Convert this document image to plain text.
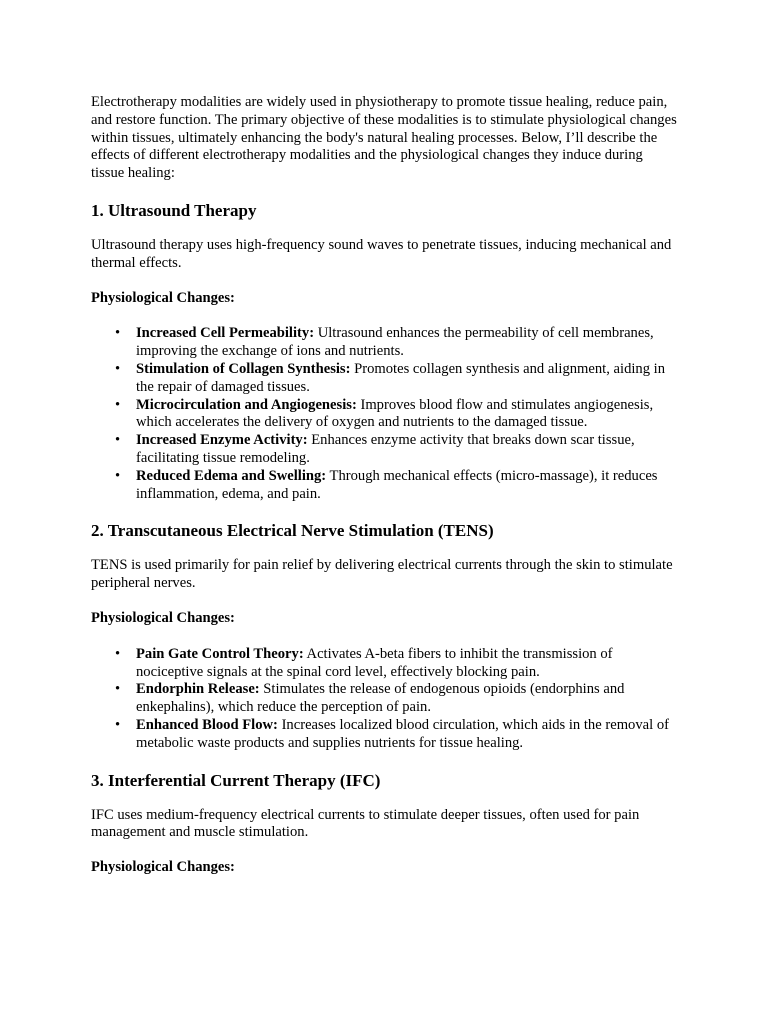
Electrotherapy modalities are widely used in physiotherapy to promote tissue healing, reduce pain, and restore function. The primary objective of these modalities is to stimulate physiological changes within tissues, ultimately enhancing the body's natural healing processes. Below, I’ll describe the effects of different electrotherapy modalities and the physiological changes they induce during tissue healing:

1. Ultrasound Therapy

Ultrasound therapy uses high-frequency sound waves to penetrate tissues, inducing mechanical and thermal effects.

Physiological Changes:

• Increased Cell Permeability: Ultrasound enhances the permeability of cell membranes, improving the exchange of ions and nutrients.
• Stimulation of Collagen Synthesis: Promotes collagen synthesis and alignment, aiding in the repair of damaged tissues.
• Microcirculation and Angiogenesis: Improves blood flow and stimulates angiogenesis, which accelerates the delivery of oxygen and nutrients to the damaged tissue.
• Increased Enzyme Activity: Enhances enzyme activity that breaks down scar tissue, facilitating tissue remodeling.
• Reduced Edema and Swelling: Through mechanical effects (micro-massage), it reduces inflammation, edema, and pain.
2. Transcutaneous Electrical Nerve Stimulation (TENS)

TENS is used primarily for pain relief by delivering electrical currents through the skin to stimulate peripheral nerves.

Physiological Changes:

• Pain Gate Control Theory: Activates A-beta fibers to inhibit the transmission of nociceptive signals at the spinal cord level, effectively blocking pain.
• Endorphin Release: Stimulates the release of endogenous opioids (endorphins and enkephalins), which reduce the perception of pain.
• Enhanced Blood Flow: Increases localized blood circulation, which aids in the removal of metabolic waste products and supplies nutrients for tissue healing.
3. Interferential Current Therapy (IFC)

IFC uses medium-frequency electrical currents to stimulate deeper tissues, often used for pain management and muscle stimulation.

Physiological Changes:
